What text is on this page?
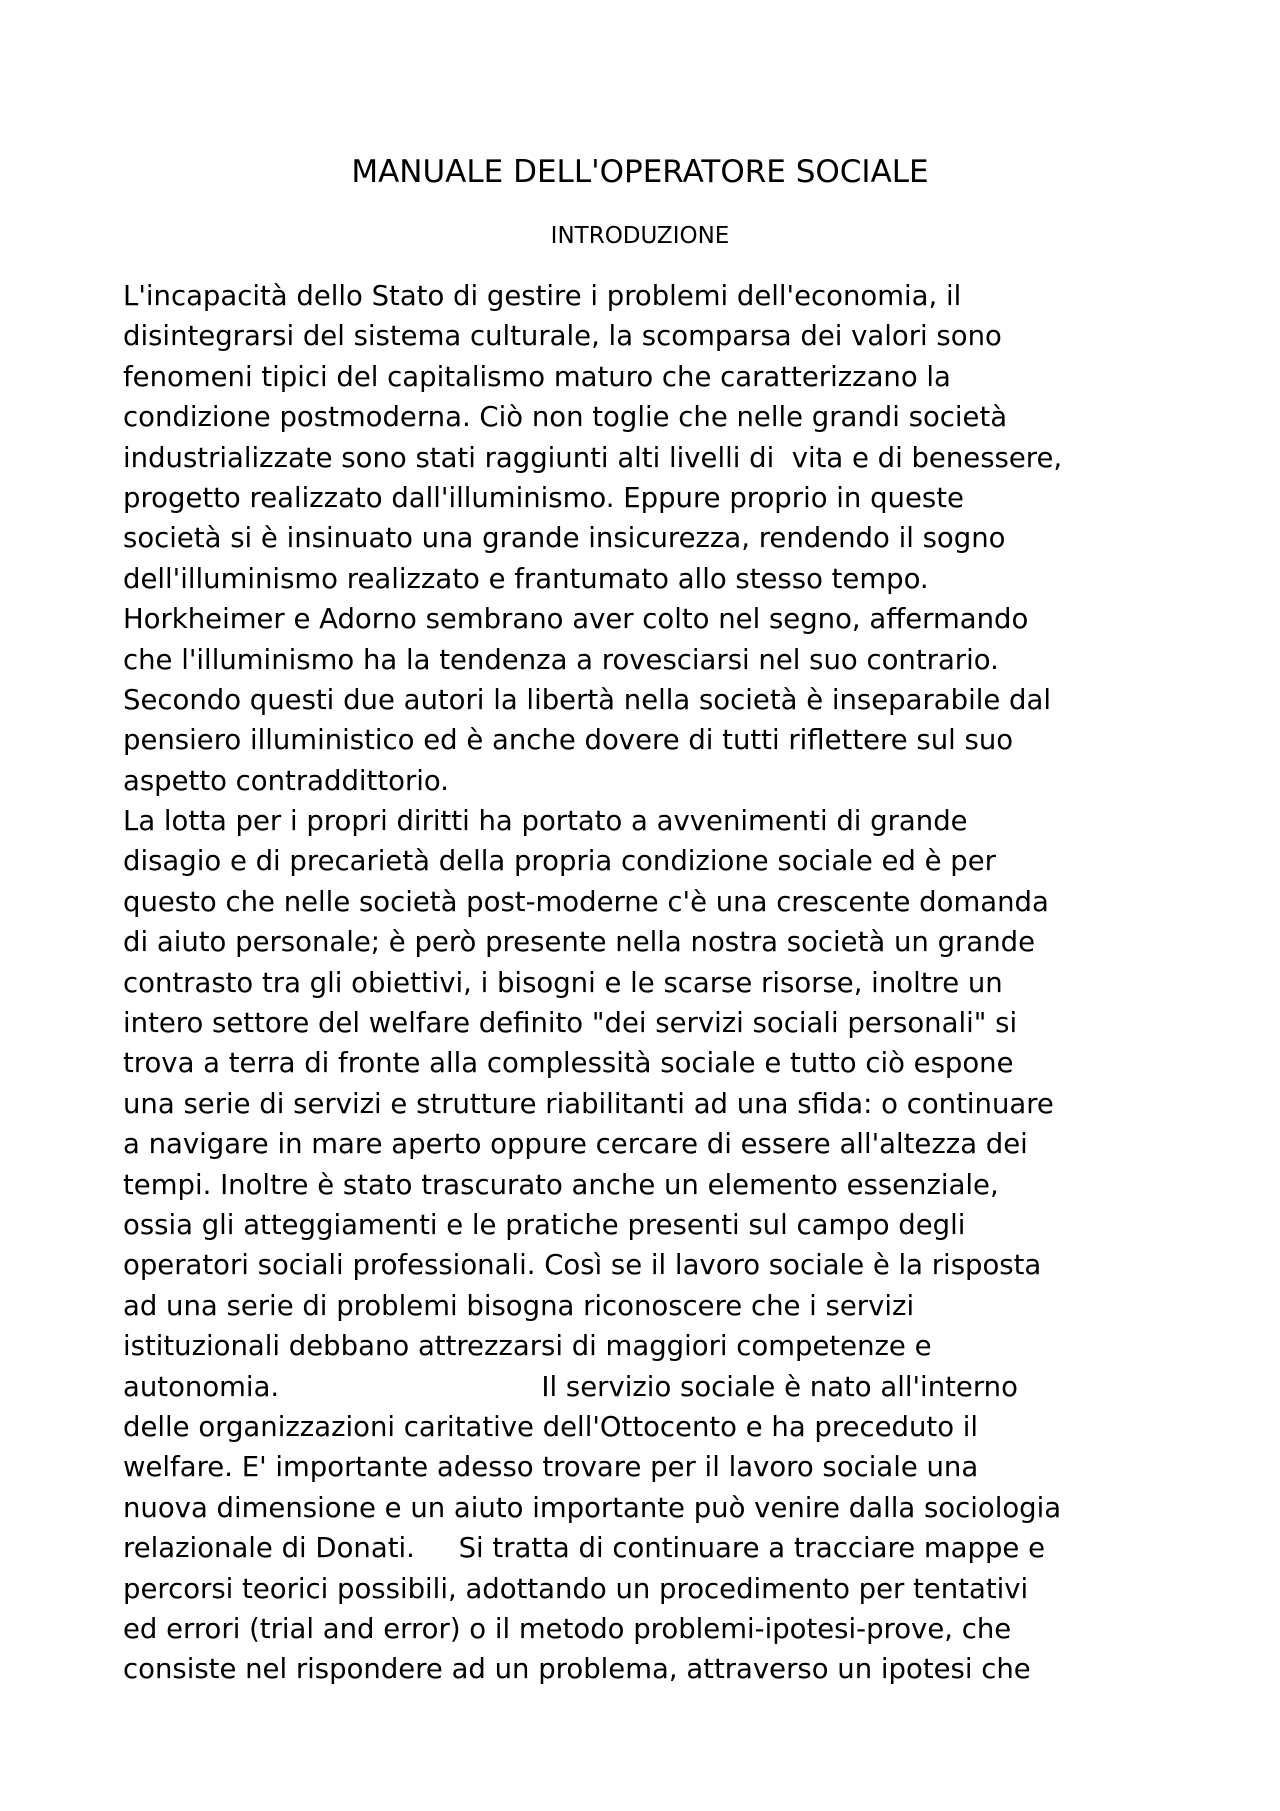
MANUALE DELL'OPERATORE SOCIALE
INTRODUZIONE
L'incapacità dello Stato di gestire i problemi dell'economia, il
disintegrarsi del sistema culturale, la scomparsa dei valori sono
fenomeni tipici del capitalismo maturo che caratterizzano la
condizione postmoderna. Ciò non toglie che nelle grandi società
industrializzate sono stati raggiunti alti livelli di  vita e di benessere,
progetto realizzato dall'illuminismo. Eppure proprio in queste
società si è insinuato una grande insicurezza, rendendo il sogno
dell'illuminismo realizzato e frantumato allo stesso tempo.
Horkheimer e Adorno sembrano aver colto nel segno, affermando
che l'illuminismo ha la tendenza a rovesciarsi nel suo contrario.
Secondo questi due autori la libertà nella società è inseparabile dal
pensiero illuministico ed è anche dovere di tutti riflettere sul suo
aspetto contraddittorio.
La lotta per i propri diritti ha portato a avvenimenti di grande
disagio e di precarietà della propria condizione sociale ed è per
questo che nelle società post-moderne c'è una crescente domanda
di aiuto personale; è però presente nella nostra società un grande
contrasto tra gli obiettivi, i bisogni e le scarse risorse, inoltre un
intero settore del welfare definito "dei servizi sociali personali" si
trova a terra di fronte alla complessità sociale e tutto ciò espone
una serie di servizi e strutture riabilitanti ad una sfida: o continuare
a navigare in mare aperto oppure cercare di essere all'altezza dei
tempi. Inoltre è stato trascurato anche un elemento essenziale,
ossia gli atteggiamenti e le pratiche presenti sul campo degli
operatori sociali professionali. Così se il lavoro sociale è la risposta
ad una serie di problemi bisogna riconoscere che i servizi
istituzionali debbano attrezzarsi di maggiori competenze e
autonomia.                              Il servizio sociale è nato all'interno
delle organizzazioni caritative dell'Ottocento e ha preceduto il
welfare. E' importante adesso trovare per il lavoro sociale una
nuova dimensione e un aiuto importante può venire dalla sociologia
relazionale di Donati.     Si tratta di continuare a tracciare mappe e
percorsi teorici possibili, adottando un procedimento per tentativi
ed errori (trial and error) o il metodo problemi-ipotesi-prove, che
consiste nel rispondere ad un problema, attraverso un ipotesi che
